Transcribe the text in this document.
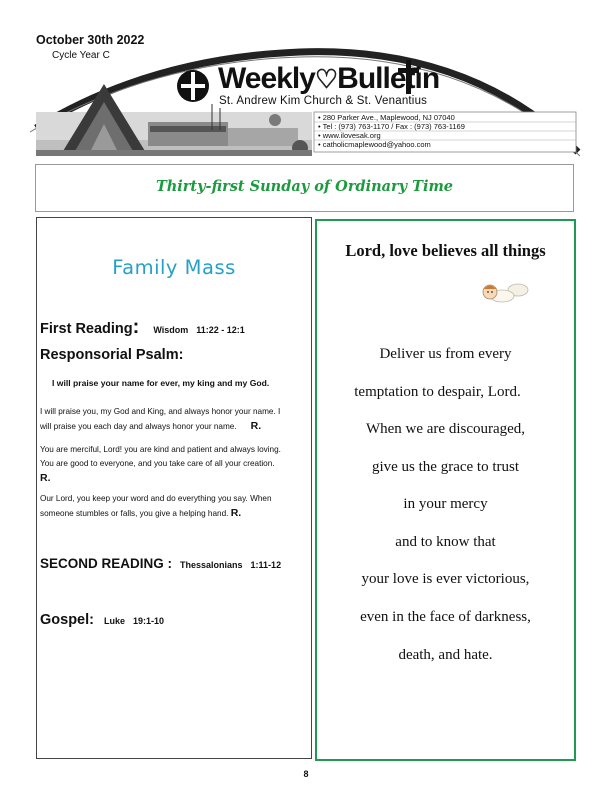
October 30th 2022
Cycle Year C
Weekly♡Bulletin
St. Andrew Kim Church & St. Venantius
• 280 Parker Ave., Maplewood, NJ 07040
• Tel : (973) 763-1170 / Fax : (973) 763-1169
• www.ilovesak.org
• catholicmaplewood@yahoo.com
Thirty-first Sunday of Ordinary Time
Family Mass
First Reading: Wisdom 11:22 - 12:1
Responsorial Psalm:
I will praise your name for ever, my king and my God.
I will praise you, my God and King, and always honor your name. I
will praise you each day and always honor your name. R.
You are merciful, Lord! you are kind and patient and always loving.
You are good to everyone, and you take care of all your creation.
R.
Our Lord, you keep your word and do everything you say. When
someone stumbles or falls, you give a helping hand. R.
SECOND READING : Thessalonians 1:11-12
Gospel: Luke 19:1-10
Lord, love believes all things
Deliver us from every
temptation to despair, Lord.
When we are discouraged,
give us the grace to trust
in your mercy
and to know that
your love is ever victorious,
even in the face of darkness,
death, and hate.
8
